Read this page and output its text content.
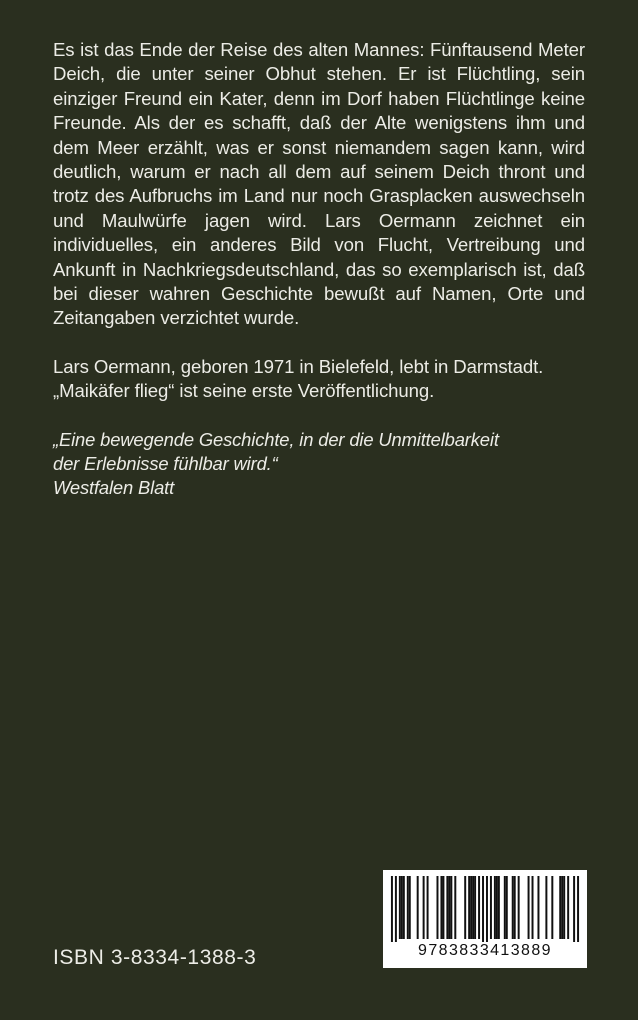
Es ist das Ende der Reise des alten Mannes: Fünftausend Meter Deich, die unter seiner Obhut stehen. Er ist Flüchtling, sein einziger Freund ein Kater, denn im Dorf haben Flüchtlinge keine Freunde. Als der es schafft, daß der Alte wenigstens ihm und dem Meer erzählt, was er sonst niemandem sagen kann, wird deutlich, warum er nach all dem auf seinem Deich thront und trotz des Aufbruchs im Land nur noch Grasplacken auswechseln und Maulwürfe jagen wird. Lars Oermann zeichnet ein individuelles, ein anderes Bild von Flucht, Vertreibung und Ankunft in Nachkriegsdeutschland, das so exemplarisch ist, daß bei dieser wahren Geschichte bewußt auf Namen, Orte und Zeitangaben verzichtet wurde.

Lars Oermann, geboren 1971 in Bielefeld, lebt in Darmstadt.
„Maikäfer flieg“ ist seine erste Veröffentlichung.

„Eine bewegende Geschichte, in der die Unmittelbarkeit
der Erlebnisse fühlbar wird.“
Westfalen Blatt

ISBN 3-8334-1388-3	9783833413889
